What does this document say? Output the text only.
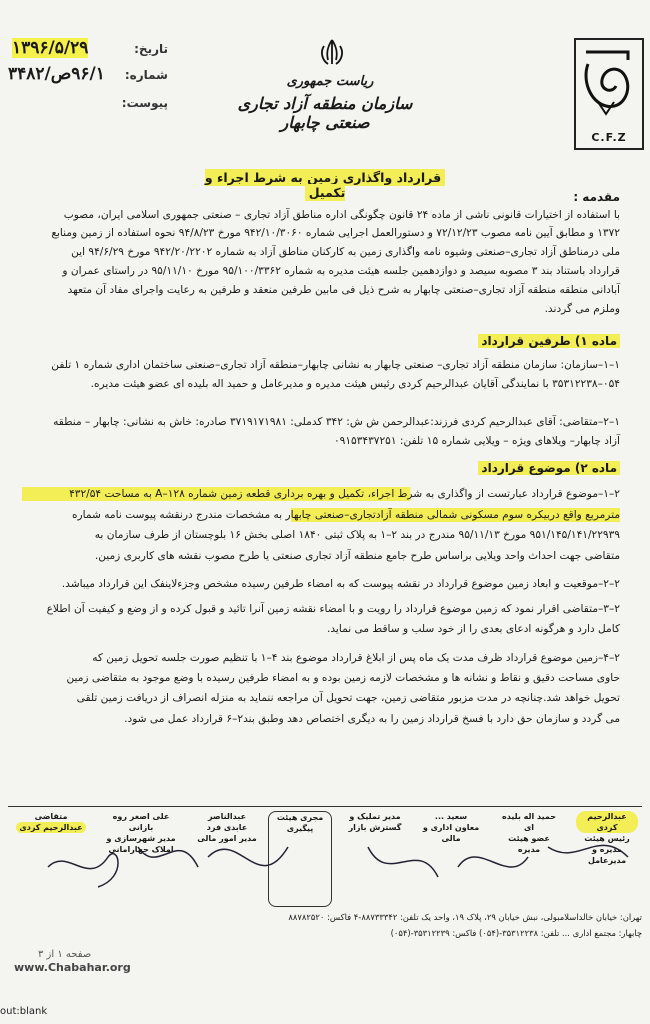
تاریخ:
۱۳۹۶/۵/۲۹
شماره:
۹۶/۱ص/۳۴۸۲
پیوست:
ریاست جمهوری
سازمان منطقه آزاد تجاری صنعتی چابهار
C.F.Z
قرارداد واگذاری زمین به شرط اجراء و تکمیل	مقدمه :
با استفاده از اختیارات قانونی ناشی از ماده ۲۴ قانون چگونگی اداره مناطق آزاد تجاری – صنعتی جمهوری اسلامی ایران، مصوب
۱۳۷۲ و مطابق آیین نامه مصوب ۷۲/۱۲/۲۳ و دستورالعمل اجرایی شماره ۹۴۲/۱۰/۳۰۶۰ مورخ ۹۴/۸/۲۳ نحوه استفاده از زمین ومنابع
ملی درمناطق آزاد تجاری–صنعتی وشیوه نامه واگذاری زمین به کارکنان مناطق آزاد به شماره ۹۴۲/۲۰/۲۲۰۲ مورخ ۹۴/۶/۲۹ این
قرارداد باستناد بند ۳ مصوبه سیصد و دوازدهمین جلسه هیئت مدیره به شماره ۹۵/۱۰۰/۳۳۶۲ مورخ ۹۵/۱۱/۱۰ در راستای عمران و
آبادانی منطقه منطقه آزاد تجاری–صنعتی چابهار به شرح ذیل فی مابین طرفین منعقد و طرفین به رعایت واجرای مفاد آن متعهد
وملزم می گردند.
ماده ۱) طرفین قرارداد
۱–۱–سازمان: سازمان منطقه آزاد تجاری– صنعتی چابهار به نشانی چابهار–منطقه آزاد تجاری–صنعتی ساختمان اداری شماره ۱ تلفن
۰۵۴–۳۵۳۱۲۲۳۸ با نمایندگی آقایان عبدالرحیم کردی رئیس هیئت مدیره و مدیرعامل و حمید اله بلیده ای عضو هیئت مدیره.
۱–۲–متقاضی: آقای عبدالرحیم کردی فرزند:عبدالرحمن ش ش: ۳۴۲ کدملی: ۳۷۱۹۱۷۱۹۸۱ صادره: خاش به نشانی: چابهار – منطقه
آزاد چابهار– ویلاهای ویژه – ویلایی شماره ۱۵ تلفن: ۰۹۱۵۳۴۳۷۲۵۱
ماده ۲) موضوع قرارداد
۲–۱–موضوع قرارداد عبارتست از واگذاری به شرط اجراء، تکمیل و بهره برداری قطعه زمین شماره ۱۲۸–A به مساحت ۴۳۲/۵۴
مترمربع واقع دربیکره سوم مسکونی شمالی منطقه آزادتجاری–صنعتی چابهار به مشخصات مندرج درنقشه پیوست نامه شماره
۹۵۱/۱۴۵/۱۴۱/۲۲۹۳۹ مورخ ۹۵/۱۱/۱۳ مندرج در بند ۲–۱ به پلاک ثبتی ۱۸۴۰ اصلی بخش ۱۶ بلوچستان از طرف سازمان به
متقاضی جهت احداث واحد ویلایی براساس طرح جامع منطقه آزاد تجاری صنعتی یا طرح مصوب نقشه های کاربری زمین.
۲–۲–موقعیت و ابعاد زمین موضوع قرارداد در نقشه پیوست که به امضاء طرفین رسیده مشخص وجزءلاینفک این قرارداد میباشد.
۲–۳–متقاضی اقرار نمود که زمین موضوع قرارداد را رویت و با امضاء نقشه زمین آنرا تائید و قبول کرده و از وضع و کیفیت آن اطلاع
کامل دارد و هرگونه ادعای بعدی را از خود سلب و ساقط می نماید.
۲–۴–زمین موضوع قرارداد ظرف مدت یک ماه پس از ابلاغ قرارداد موضوع بند ۴–۱ با تنظیم صورت جلسه تحویل زمین که
حاوی مساحت دقیق و نقاط و نشانه ها و مشخصات لازمه زمین بوده و به امضاء طرفین رسیده با وضع موجود به متقاضی زمین
تحویل خواهد شد.چنانچه در مدت مزبور متقاضی زمین، جهت تحویل آن مراجعه ننماید به منزله انصراف از دریافت زمین تلقی
می گردد و سازمان حق دارد با فسخ قرارداد زمین را به دیگری اختصاص دهد وطبق بند۲–۶ قرارداد عمل می شود.
عبدالرحیم کردی
رئیس هیئت مدیره و مدیرعامل
حمید اله بلیده ای
عضو هیئت مدیره
سعید ...
معاون اداری و مالی
مدیر تملیک و گسترش بازار
مجری هیئت پیگیری
عبدالناصر عابدی فرد
مدیر امور مالی
علی اصغر روه بازانی
مدیر شهرسازی و املاک جهارامانی
متقاضی
عبدالرحیم کردی
تهران: خیابان خالداسلامبولی، نبش خیابان ۲۹، پلاک ۱۹، واحد یک تلفن: ۸۸۷۳۳۳۴۲-۴ فاکس: ۸۸۷۸۲۵۲۰
چابهار: مجتمع اداری ... تلفن: ۳۵۳۱۲۲۳۸-(۰۵۴) فاکس: ۳۵۳۱۲۲۳۹-(۰۵۴)
صفحه ۱ از ۳
www.Chabahar.org
out:blank
